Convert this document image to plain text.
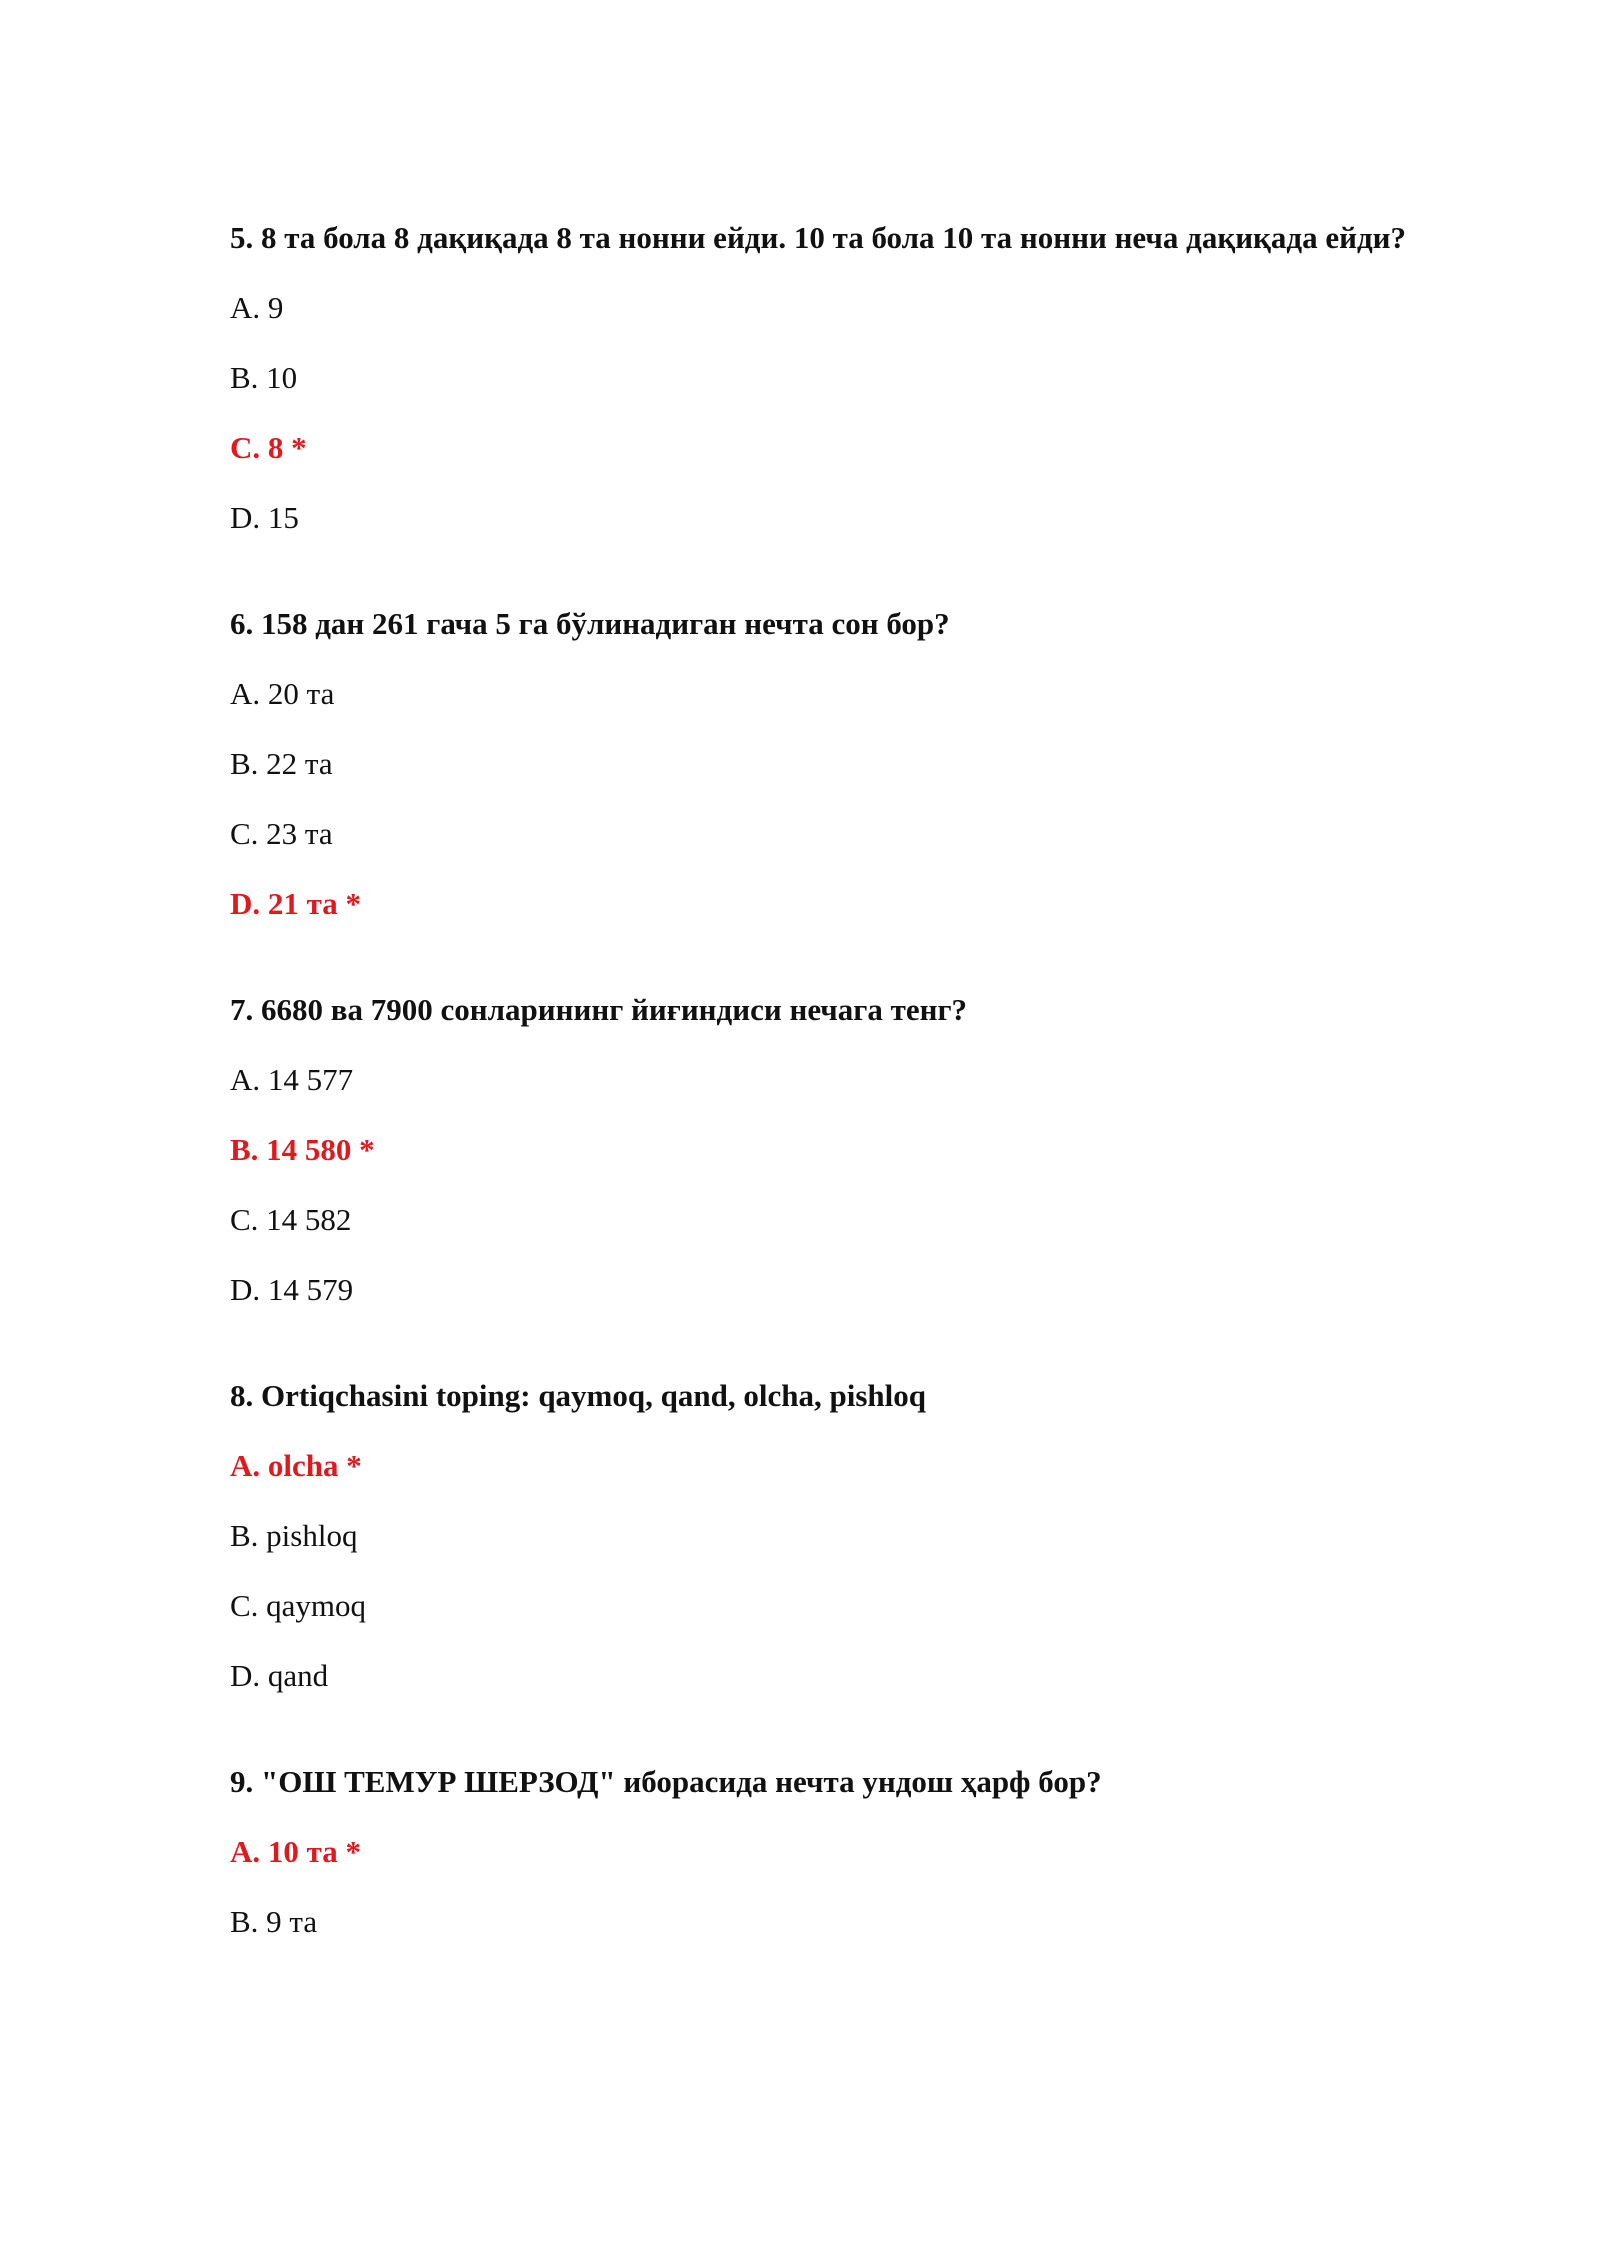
5. 8 та бола 8 дақиқада 8 та нонни ейди. 10 та бола 10 та нонни неча дақиқада ейди?
A. 9
B. 10
C. 8 *
D. 15
6. 158 дан 261 гача 5 га бўлинадиган нечта сон бор?
A. 20 та
B. 22 та
C. 23 та
D. 21 та *
7. 6680 ва 7900 сонларининг йиғиндиси нечага тенг?
A. 14 577
B. 14 580 *
C. 14 582
D. 14 579
8. Ortiqchasini toping: qaymoq, qand, olcha, pishloq
A. olcha *
B. pishloq
C. qaymoq
D. qand
9. "ОШ ТЕМУР ШЕРЗОД" иборасида нечта ундош ҳарф бор?
A. 10 та *
B. 9 та
